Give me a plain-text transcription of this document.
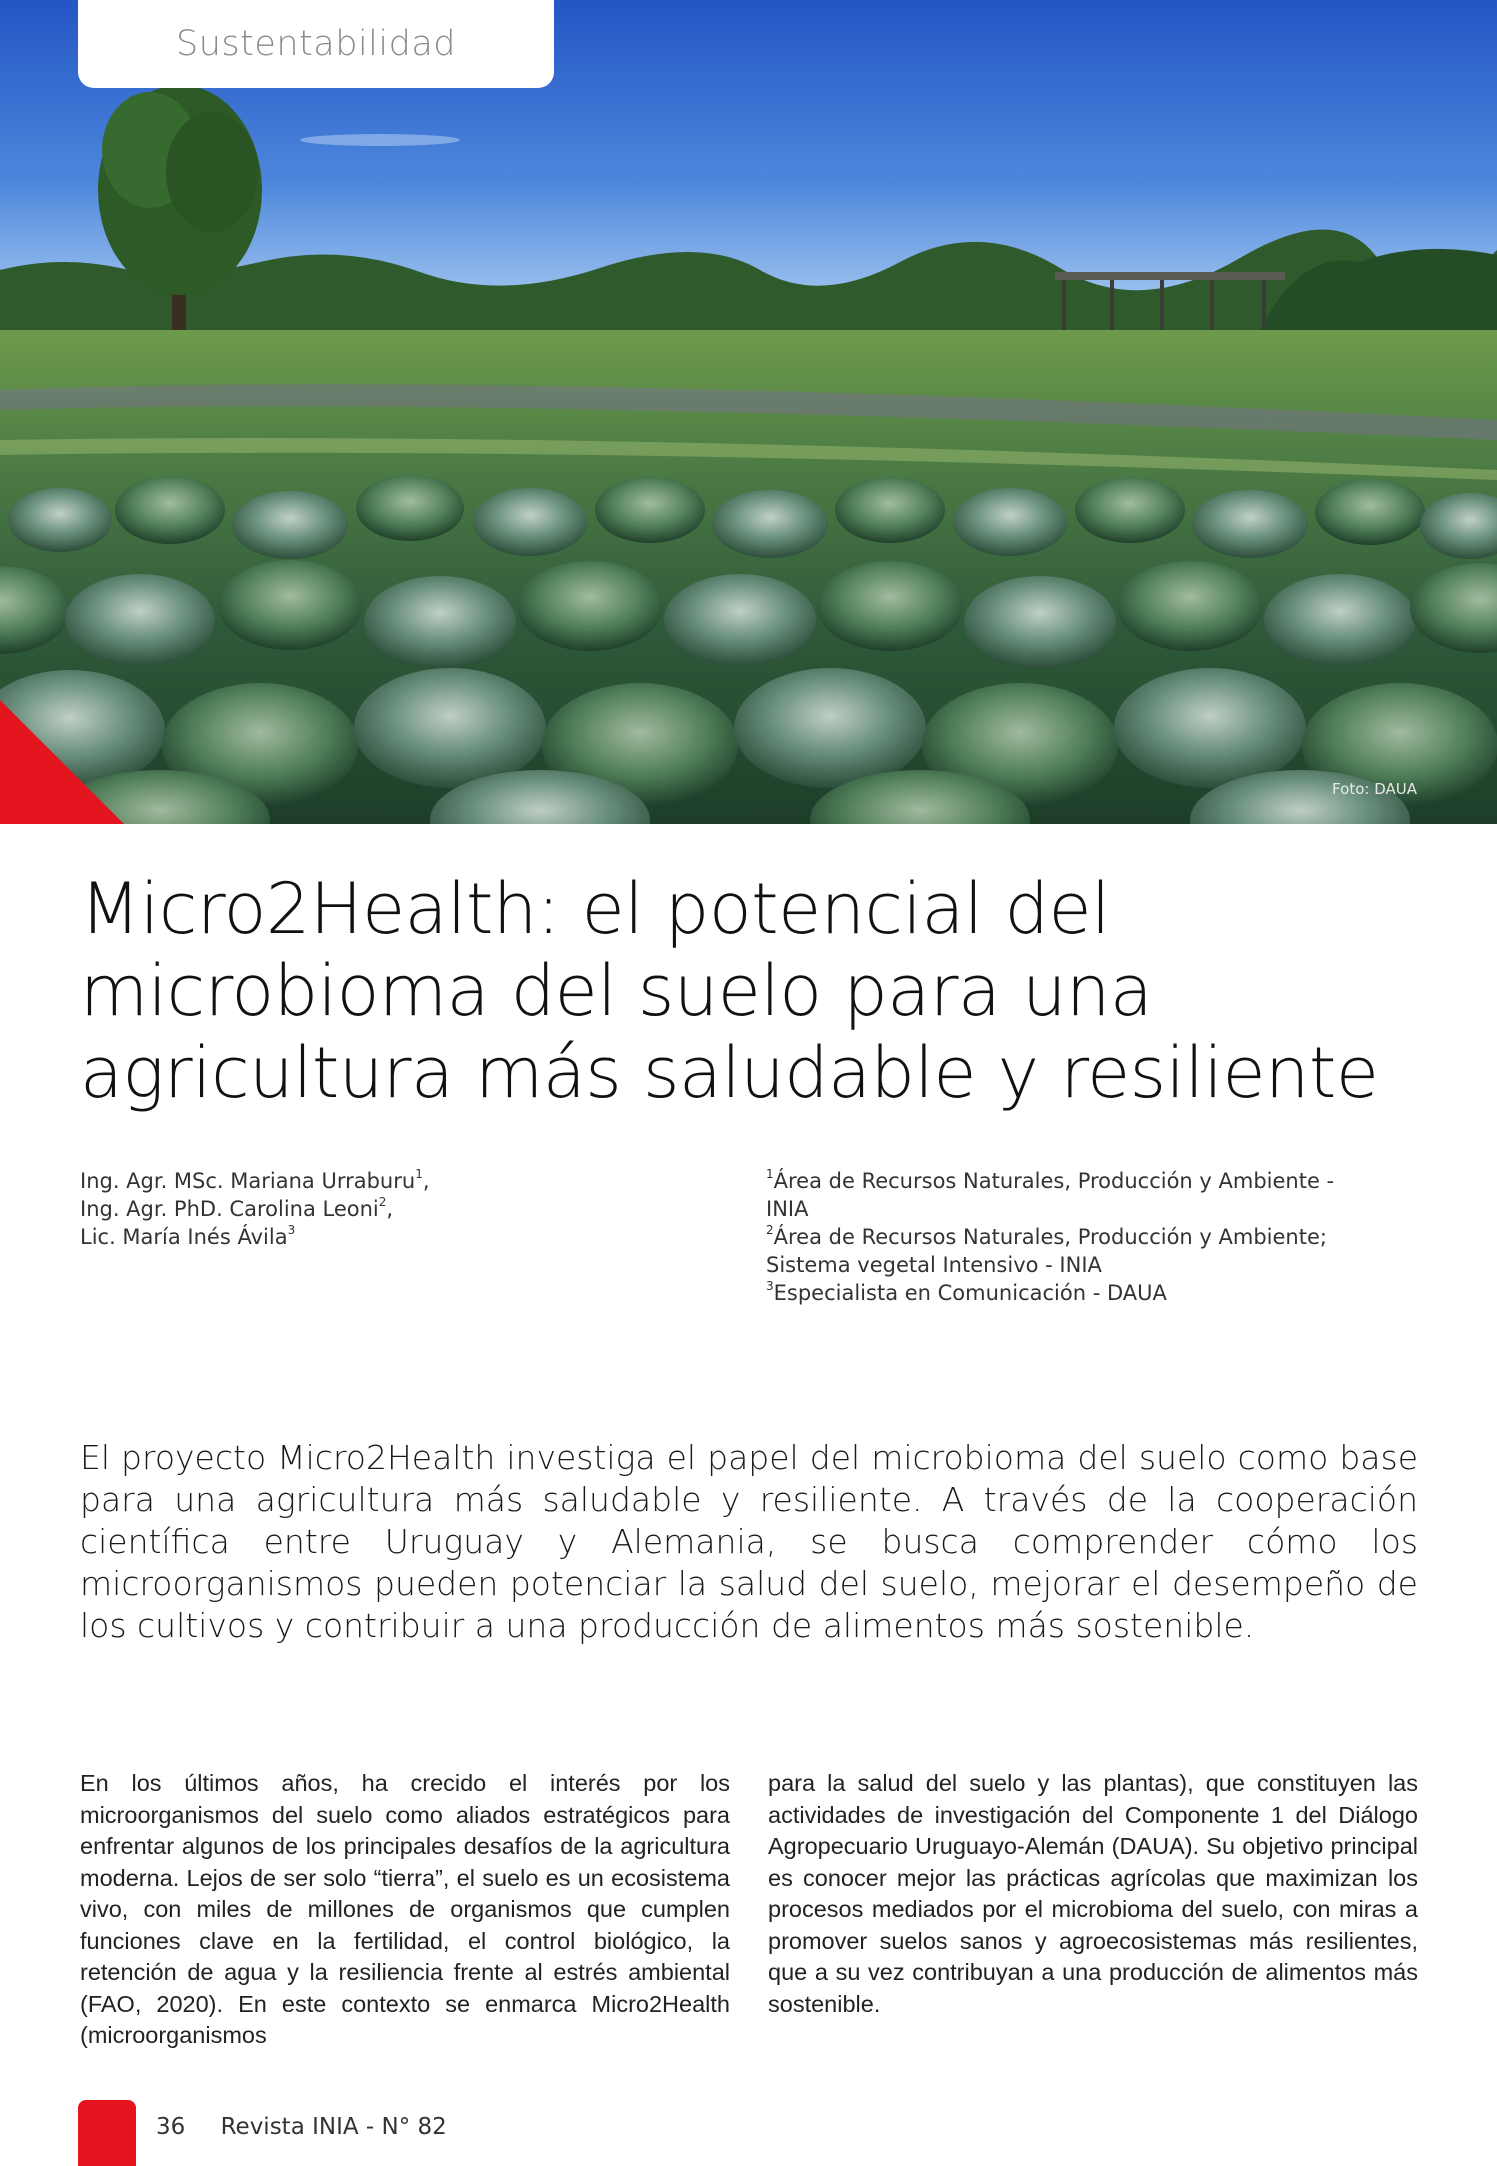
Sustentabilidad
Foto: DAUA
Micro2Health: el potencial del
microbioma del suelo para una
agricultura más saludable y resiliente
Ing. Agr. MSc. Mariana Urraburu$^1$,
Ing. Agr. PhD. Carolina Leoni$^2$,
Lic. María Inés Ávila$^3$
$^1$Área de Recursos Naturales, Producción y Ambiente -
INIA
$^2$Área de Recursos Naturales, Producción y Ambiente;
Sistema vegetal Intensivo - INIA
$^3$Especialista en Comunicación - DAUA

El proyecto Micro2Health investiga el papel del microbioma del suelo como base para una agricultura más saludable y resiliente. A través de la cooperación científica entre Uruguay y Alemania, se busca comprender cómo los microorganismos pueden potenciar la salud del suelo, mejorar el desempeño de los cultivos y contribuir a una producción de alimentos más sostenible.

En los últimos años, ha crecido el interés por los microorganismos del suelo como aliados estratégicos para enfrentar algunos de los principales desafíos de la agricultura moderna. Lejos de ser solo “tierra”, el suelo es un ecosistema vivo, con miles de millones de organismos que cumplen funciones clave en la fertilidad, el control biológico, la retención de agua y la resiliencia frente al estrés ambiental (FAO, 2020). En este contexto se enmarca Micro2Health (microorganismos

para la salud del suelo y las plantas), que constituyen las actividades de investigación del Componente 1 del Diálogo Agropecuario Uruguayo-Alemán (DAUA). Su objetivo principal es conocer mejor las prácticas agrícolas que maximizan los procesos mediados por el microbioma del suelo, con miras a promover suelos sanos y agroecosistemas más resilientes, que a su vez contribuyan a una producción de alimentos más sostenible.

36 Revista INIA - N° 82
